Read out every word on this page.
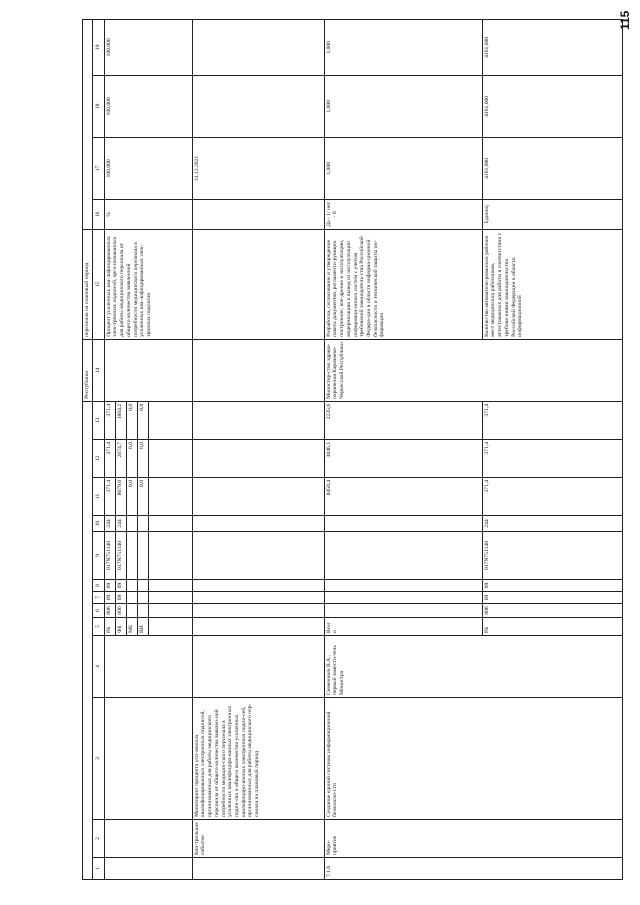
115
													Республики	персонала на плановый период				
1	2	3	4	5	6	7	8	9	10	11	12	13	14	15	16	17	18	19
				РБ	806	09	09	017N751140	244	371,4	371,4	371,4		Процент усиленных ква-лифицированных элек-тронных подписей, орга-низованных для работы медицинского персонала от общего количества заявленной потребности медицинского персонала в усиленных ква-лифицированных элек-тронных подписях	%	100,000	100,000	100,000
				ФБ	806	09	09	017N751140	244	8079,0	2674,7	1864,2						
				МБ						0,0	0,0	0,0						
				ВИ						0,0	0,0	0,0						

	Кон-трольное событие	Мониторинг процента уси-ленных квалифицированных электронных подписей, организованных для работы медицинского персонала от общего количества заявлен-ной потребности медицин-ского персонала в усиленных квалифициро-ванных электронных подпи-сях и общего количества усиленных квалифициро-ванных электронных подпи-сей, организованных для работы медицинского пер-сонала на плановый период														31.12.2021		
7.1.6	Меро-приятие	Создание единой системы информационной безопасно-сти	Семенович В.А., первый замести-тель Министра	Всего						8450,4	3046,1	2235,6	Министер-ство здраво-охранения Карачаево-Черкесской Республики	Разработка, согласование и утверждение пакета документов, регламенти-рующих построение, вне-дрение в эксплуатацию, модернизацию и вывод из эксплуатации информаци-онных систем с учетом требований законодатель-ства Российской Федера-ции в области информа-ционной безопасности и технической защиты ин-формации	Да - 1/ нет - 0	1,000	1,000	1,000
				РБ	806	09	09	017N751140	244	371,4	371,4	371,4		Количество автоматизи-рованных рабочих мест медицинских работников, аттестованных для работы в соответствии с требова-ниями законодательства Российской Федерации в области информационной	Единиц	4161,000	4161,000	4161,000
